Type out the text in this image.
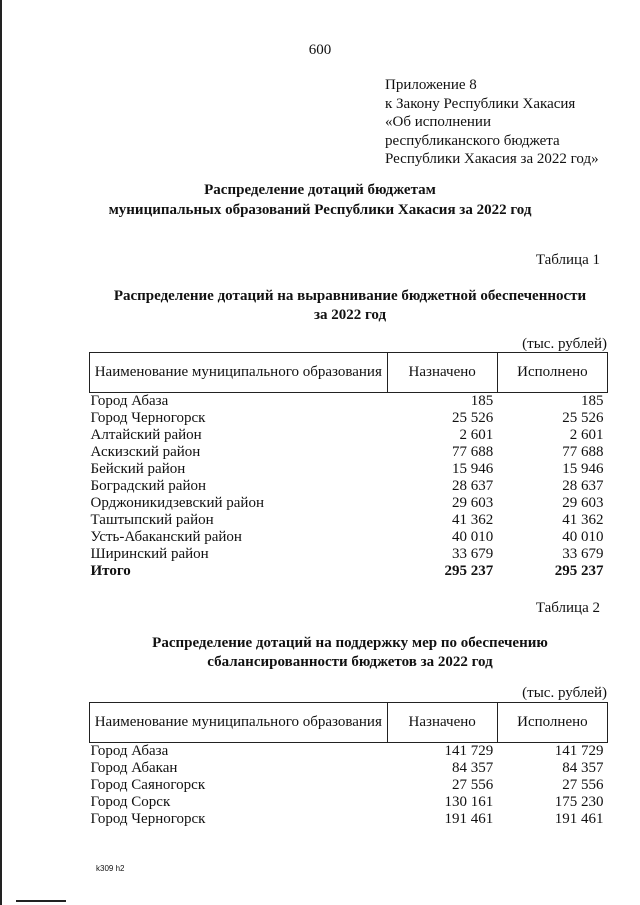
600
Приложение 8
к Закону Республики Хакасия
«Об исполнении
республиканского бюджета
Республики Хакасия за 2022 год»
Распределение дотаций бюджетам
муниципальных образований Республики Хакасия за 2022 год
Таблица 1
Распределение дотаций на выравнивание бюджетной обеспеченности
за 2022 год
(тыс. рублей)
Наименование муниципального образования	Назначено	Исполнено
Город Абаза	185	185
Город Черногорск	25 526	25 526
Алтайский район	2 601	2 601
Аскизский район	77 688	77 688
Бейский район	15 946	15 946
Боградский район	28 637	28 637
Орджоникидзевский район	29 603	29 603
Таштыпский район	41 362	41 362
Усть-Абаканский район	40 010	40 010
Ширинский район	33 679	33 679
Итого	295 237	295 237
Таблица 2
Распределение дотаций на поддержку мер по обеспечению
сбалансированности бюджетов за 2022 год
(тыс. рублей)
Наименование муниципального образования	Назначено	Исполнено
Город Абаза	141 729	141 729
Город Абакан	84 357	84 357
Город Саяногорск	27 556	27 556
Город Сорск	130 161	175 230
Город Черногорск	191 461	191 461
k309 h2
